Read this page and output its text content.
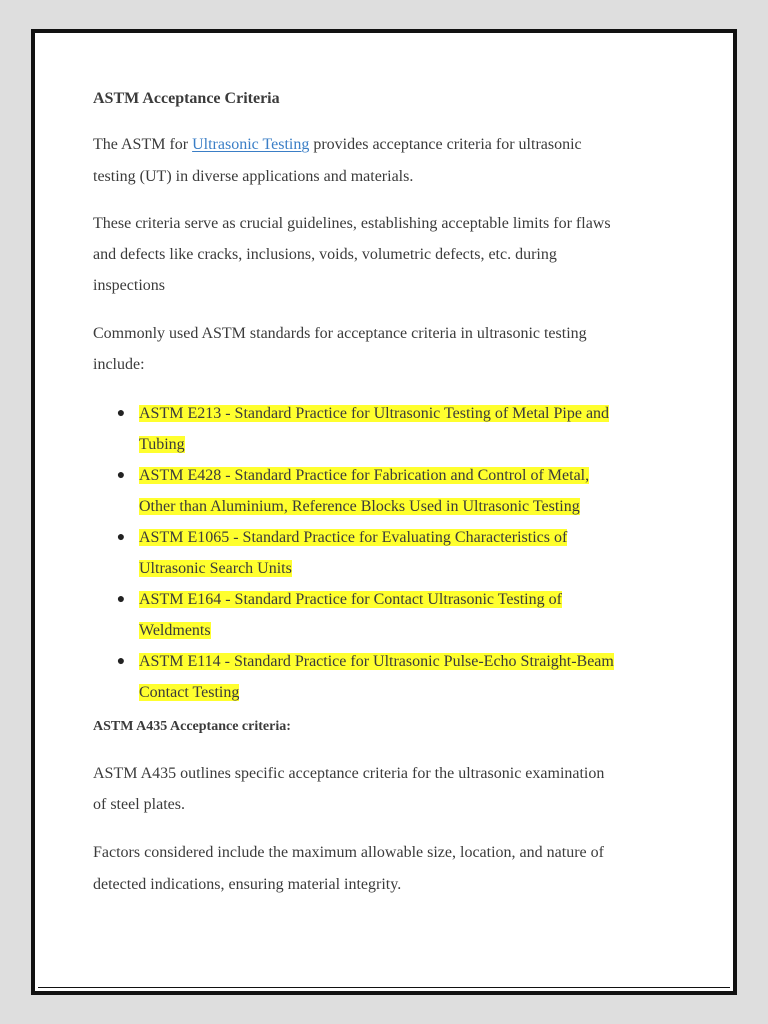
ASTM Acceptance Criteria

The ASTM for Ultrasonic Testing provides acceptance criteria for ultrasonic

testing (UT) in diverse applications and materials.

These criteria serve as crucial guidelines, establishing acceptable limits for flaws

and defects like cracks, inclusions, voids, volumetric defects, etc. during

inspections

Commonly used ASTM standards for acceptance criteria in ultrasonic testing

include:

● ASTM E213 - Standard Practice for Ultrasonic Testing of Metal Pipe and
Tubing
● ASTM E428 - Standard Practice for Fabrication and Control of Metal,
Other than Aluminium, Reference Blocks Used in Ultrasonic Testing
● ASTM E1065 - Standard Practice for Evaluating Characteristics of
Ultrasonic Search Units
● ASTM E164 - Standard Practice for Contact Ultrasonic Testing of
Weldments
● ASTM E114 - Standard Practice for Ultrasonic Pulse-Echo Straight-Beam
Contact Testing

ASTM A435 Acceptance criteria:

ASTM A435 outlines specific acceptance criteria for the ultrasonic examination

of steel plates.

Factors considered include the maximum allowable size, location, and nature of

detected indications, ensuring material integrity.
